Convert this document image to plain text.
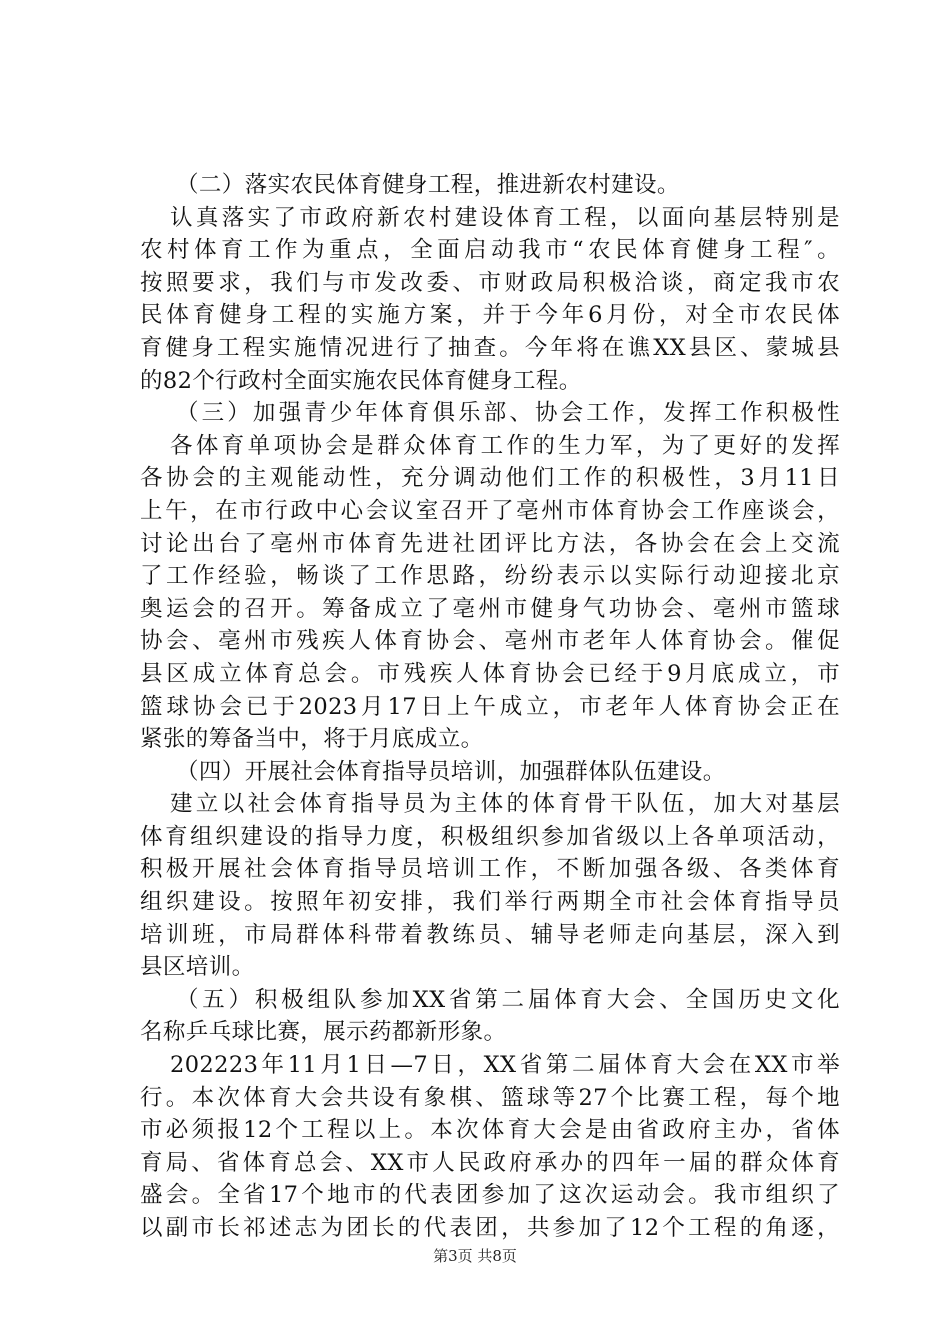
（二）落实农民体育健身工程，推进新农村建设。
认真落实了市政府新农村建设体育工程，以面向基层特别是
农村体育工作为重点，全面启动我市“农民体育健身工程″。
按照要求，我们与市发改委、市财政局积极洽谈，商定我市农
民体育健身工程的实施方案，并于今年6月份，对全市农民体
育健身工程实施情况进行了抽查。今年将在谯XX县区、蒙城县
的82个行政村全面实施农民体育健身工程。
（三）加强青少年体育俱乐部、协会工作，发挥工作积极性
各体育单项协会是群众体育工作的生力军，为了更好的发挥
各协会的主观能动性，充分调动他们工作的积极性，3月11日
上午，在市行政中心会议室召开了亳州市体育协会工作座谈会，
讨论出台了亳州市体育先进社团评比方法，各协会在会上交流
了工作经验，畅谈了工作思路，纷纷表示以实际行动迎接北京
奥运会的召开。筹备成立了亳州市健身气功协会、亳州市篮球
协会、亳州市残疾人体育协会、亳州市老年人体育协会。催促
县区成立体育总会。市残疾人体育协会已经于9月底成立，市
篮球协会已于2023月17日上午成立，市老年人体育协会正在
紧张的筹备当中，将于月底成立。
（四）开展社会体育指导员培训，加强群体队伍建设。
建立以社会体育指导员为主体的体育骨干队伍，加大对基层
体育组织建设的指导力度，积极组织参加省级以上各单项活动，
积极开展社会体育指导员培训工作，不断加强各级、各类体育
组织建设。按照年初安排，我们举行两期全市社会体育指导员
培训班，市局群体科带着教练员、辅导老师走向基层，深入到
县区培训。
（五）积极组队参加XX省第二届体育大会、全国历史文化
名称乒乓球比赛，展示药都新形象。
202223年11月1日—7日，XX省第二届体育大会在XX市举
行。本次体育大会共设有象棋、篮球等27个比赛工程，每个地
市必须报12个工程以上。本次体育大会是由省政府主办，省体
育局、省体育总会、XX市人民政府承办的四年一届的群众体育
盛会。全省17个地市的代表团参加了这次运动会。我市组织了
以副市长祁述志为团长的代表团，共参加了12个工程的角逐，
第3页 共8页
